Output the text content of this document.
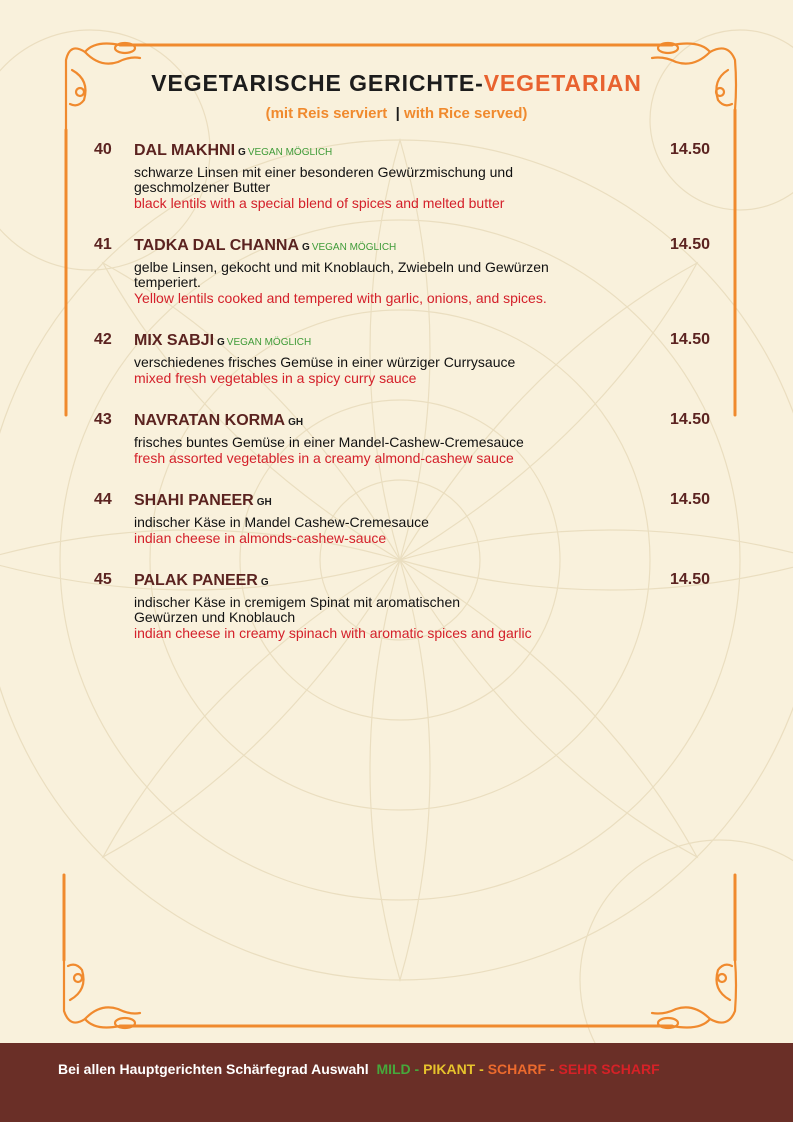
VEGETARISCHE GERICHTE-VEGETARIAN
(mit Reis serviert | with Rice served)
40 DAL MAKHNI G VEGAN MÖGLICH	14.50
schwarze Linsen mit einer besonderen Gewürzmischung und geschmolzener Butter
black lentils with a special blend of spices and melted butter
41 TADKA DAL CHANNA G VEGAN MÖGLICH	14.50
gelbe Linsen, gekocht und mit Knoblauch, Zwiebeln und Gewürzen temperiert.
Yellow lentils cooked and tempered with garlic, onions, and spices.
42 MIX SABJI G VEGAN MÖGLICH	14.50
verschiedenes frisches Gemüse in einer würziger Currysauce
mixed fresh vegetables in a spicy curry sauce
43 NAVRATAN KORMA GH	14.50
frisches buntes Gemüse in einer Mandel-Cashew-Cremesauce
fresh assorted vegetables in a creamy almond-cashew sauce
44 SHAHI PANEER GH	14.50
indischer Käse in Mandel Cashew-Cremesauce
indian cheese in almonds-cashew-sauce
45 PALAK PANEER G	14.50
indischer Käse in cremigem Spinat mit aromatischen Gewürzen und Knoblauch
indian cheese in creamy spinach with aromatic spices and garlic
Bei allen Hauptgerichten Schärfegrad Auswahl MILD - PIKANT - SCHARF - SEHR SCHARF
